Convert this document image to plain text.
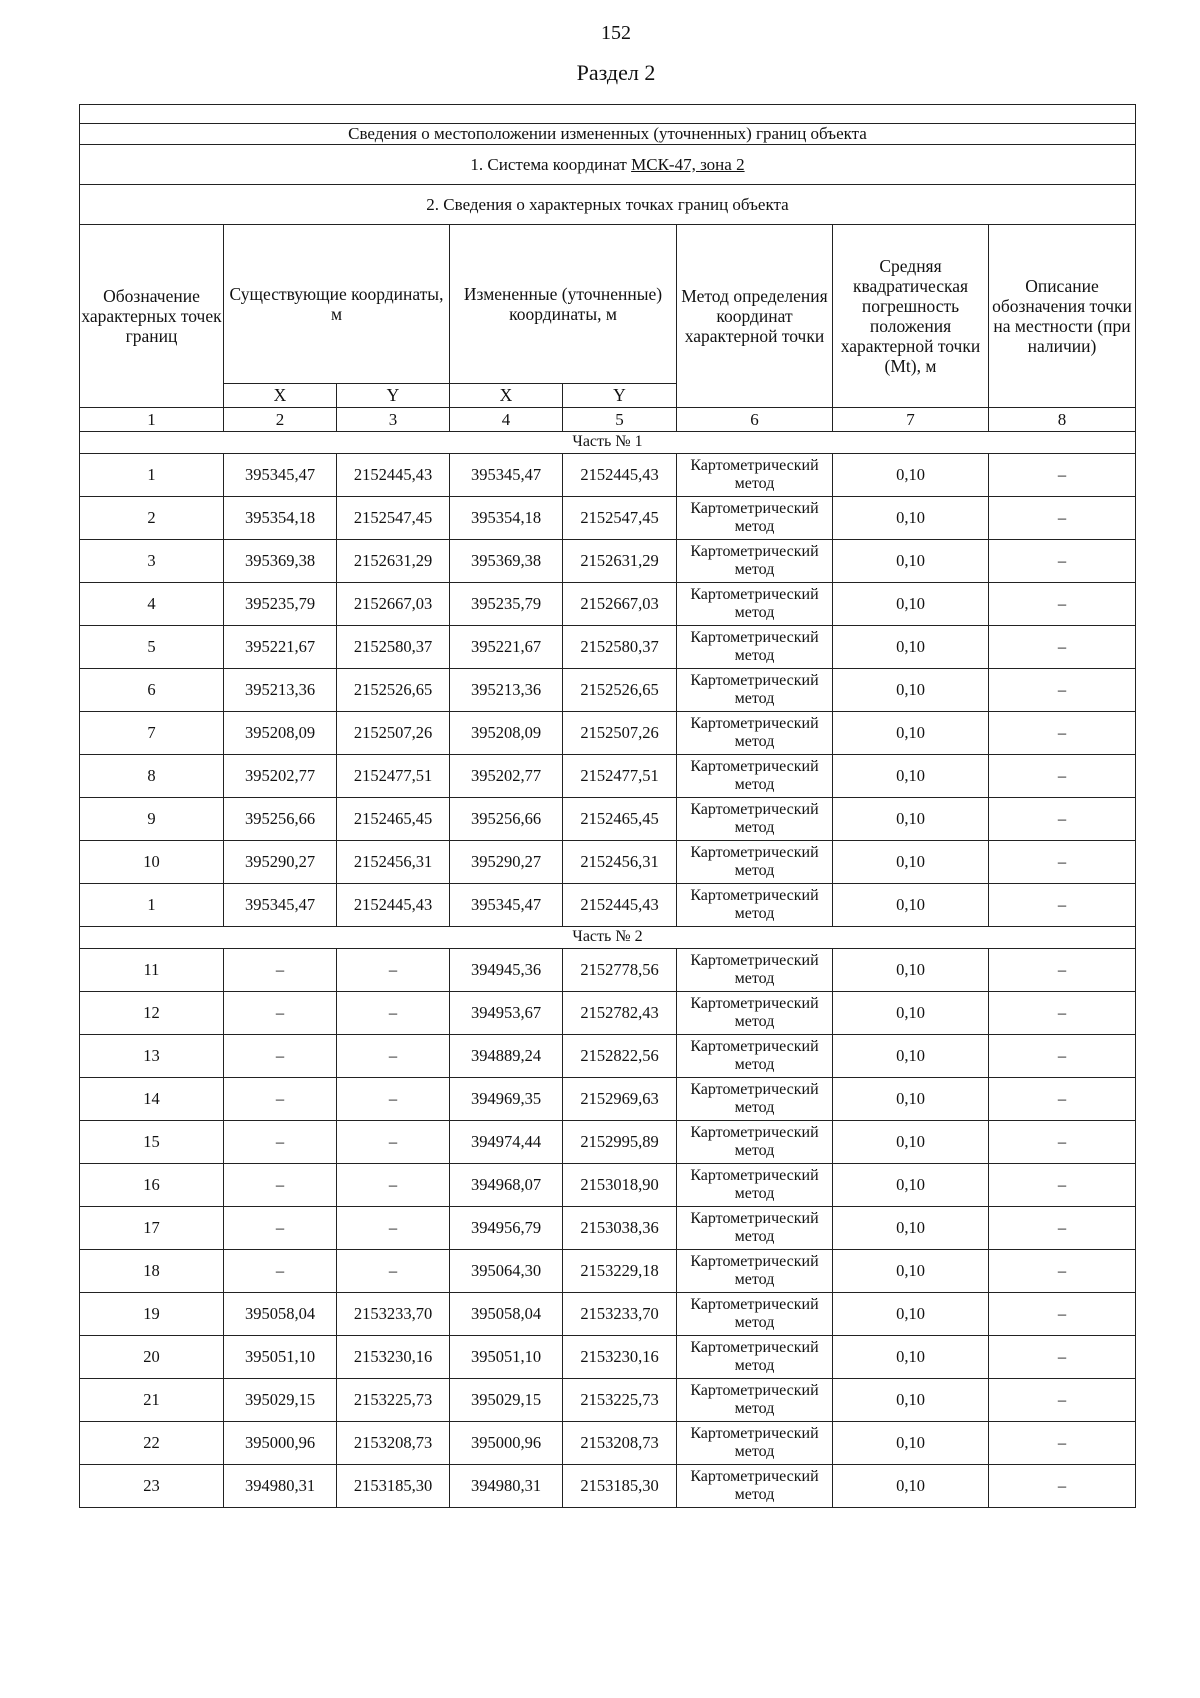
152
Раздел 2

Сведения о местоположении измененных (уточненных) границ объекта							
1. Система координат МСК-47, зона 2							
2. Сведения о характерных точках границ объекта							
Обозначение характерных точек границ	Существующие координаты, м		Измененные (уточненные) координаты, м		Метод определения координат характерной точки	Средняя квадратическая погрешность положения характерной точки (Mt), м	Описание обозначения точки на местности (при наличии)
	X	Y	X	Y			
1	2	3	4	5	6	7	8
Часть № 1							
1	395345,47	2152445,43	395345,47	2152445,43	Картометрический метод	0,10	–
2	395354,18	2152547,45	395354,18	2152547,45	Картометрический метод	0,10	–
3	395369,38	2152631,29	395369,38	2152631,29	Картометрический метод	0,10	–
4	395235,79	2152667,03	395235,79	2152667,03	Картометрический метод	0,10	–
5	395221,67	2152580,37	395221,67	2152580,37	Картометрический метод	0,10	–
6	395213,36	2152526,65	395213,36	2152526,65	Картометрический метод	0,10	–
7	395208,09	2152507,26	395208,09	2152507,26	Картометрический метод	0,10	–
8	395202,77	2152477,51	395202,77	2152477,51	Картометрический метод	0,10	–
9	395256,66	2152465,45	395256,66	2152465,45	Картометрический метод	0,10	–
10	395290,27	2152456,31	395290,27	2152456,31	Картометрический метод	0,10	–
1	395345,47	2152445,43	395345,47	2152445,43	Картометрический метод	0,10	–
Часть № 2							
11	–	–	394945,36	2152778,56	Картометрический метод	0,10	–
12	–	–	394953,67	2152782,43	Картометрический метод	0,10	–
13	–	–	394889,24	2152822,56	Картометрический метод	0,10	–
14	–	–	394969,35	2152969,63	Картометрический метод	0,10	–
15	–	–	394974,44	2152995,89	Картометрический метод	0,10	–
16	–	–	394968,07	2153018,90	Картометрический метод	0,10	–
17	–	–	394956,79	2153038,36	Картометрический метод	0,10	–
18	–	–	395064,30	2153229,18	Картометрический метод	0,10	–
19	395058,04	2153233,70	395058,04	2153233,70	Картометрический метод	0,10	–
20	395051,10	2153230,16	395051,10	2153230,16	Картометрический метод	0,10	–
21	395029,15	2153225,73	395029,15	2153225,73	Картометрический метод	0,10	–
22	395000,96	2153208,73	395000,96	2153208,73	Картометрический метод	0,10	–
23	394980,31	2153185,30	394980,31	2153185,30	Картометрический метод	0,10	–
